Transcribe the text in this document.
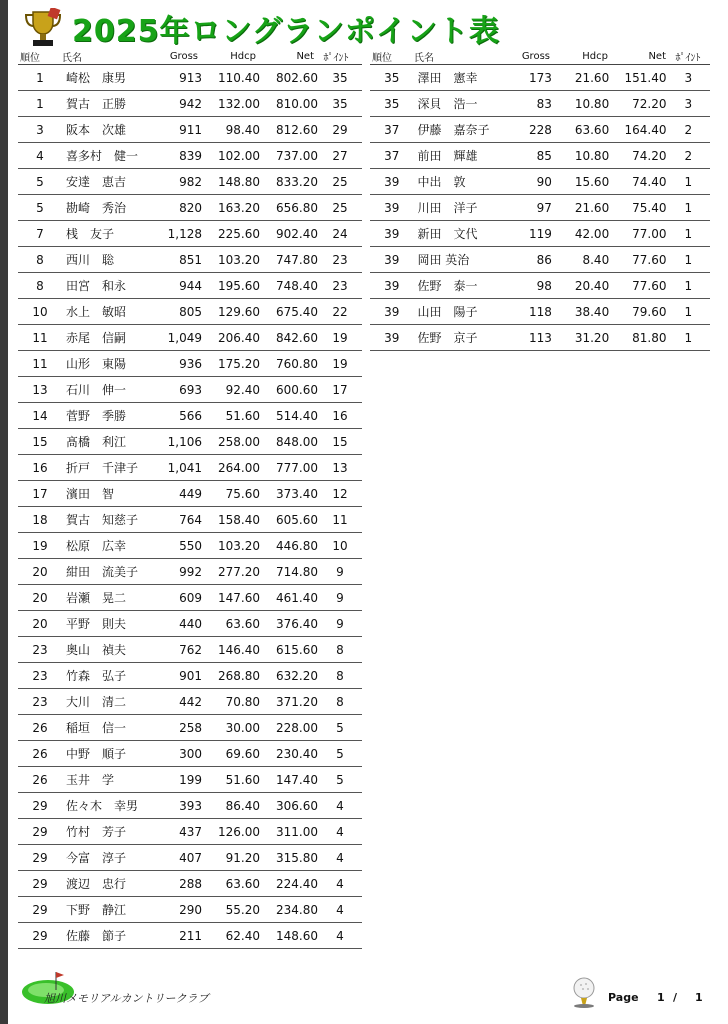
2025年ロングランポイント表
順位	氏名	Gross	Hdcp	Net ﾎﾟｲﾝﾄ
1	崎松　康男	913	110.40	802.60	35
1	賀古　正勝	942	132.00	810.00	35
3	阪本　次雄	911	98.40	812.60	29
4	喜多村　健一	839	102.00	737.00	27
5	安達　恵吉	982	148.80	833.20	25
5	勘崎　秀治	820	163.20	656.80	25
7	桟　友子	1,128	225.60	902.40	24
8	西川　聡	851	103.20	747.80	23
8	田宮　和永	944	195.60	748.40	23
10	水上　敏昭	805	129.60	675.40	22
11	赤尾　信嗣	1,049	206.40	842.60	19
11	山形　東陽	936	175.20	760.80	19
13	石川　伸一	693	92.40	600.60	17
14	菅野　季勝	566	51.60	514.40	16
15	髙橋　利江	1,106	258.00	848.00	15
16	折戸　千津子	1,041	264.00	777.00	13
17	濱田　智	449	75.60	373.40	12
18	賀古　知慈子	764	158.40	605.60	11
19	松原　広幸	550	103.20	446.80	10
20	紺田　流美子	992	277.20	714.80	9
20	岩瀬　晃二	609	147.60	461.40	9
20	平野　則夫	440	63.60	376.40	9
23	奥山　禎夫	762	146.40	615.60	8
23	竹森　弘子	901	268.80	632.20	8
23	大川　清二	442	70.80	371.20	8
26	稲垣　信一	258	30.00	228.00	5
26	中野　順子	300	69.60	230.40	5
26	玉井　学	199	51.60	147.40	5
29	佐々木　幸男	393	86.40	306.60	4
29	竹村　芳子	437	126.00	311.00	4
29	今富　淳子	407	91.20	315.80	4
29	渡辺　忠行	288	63.60	224.40	4
29	下野　静江	290	55.20	234.80	4
29	佐藤　節子	211	62.40	148.60	4
順位	氏名	Gross	Hdcp	Net ﾎﾟｲﾝﾄ
35	澤田　憲幸	173	21.60	151.40	3
35	深貝　浩一	83	10.80	72.20	3
37	伊藤　嘉奈子	228	63.60	164.40	2
37	前田　輝雄	85	10.80	74.20	2
39	中出　敦	90	15.60	74.40	1
39	川田　洋子	97	21.60	75.40	1
39	新田　文代	119	42.00	77.00	1
39	岡田 英治	86	8.40	77.60	1
39	佐野　泰一	98	20.40	77.60	1
39	山田　陽子	118	38.40	79.60	1
39	佐野　京子	113	31.20	81.80	1
旭川メモリアルカントリークラブ	Page 1 / 1
